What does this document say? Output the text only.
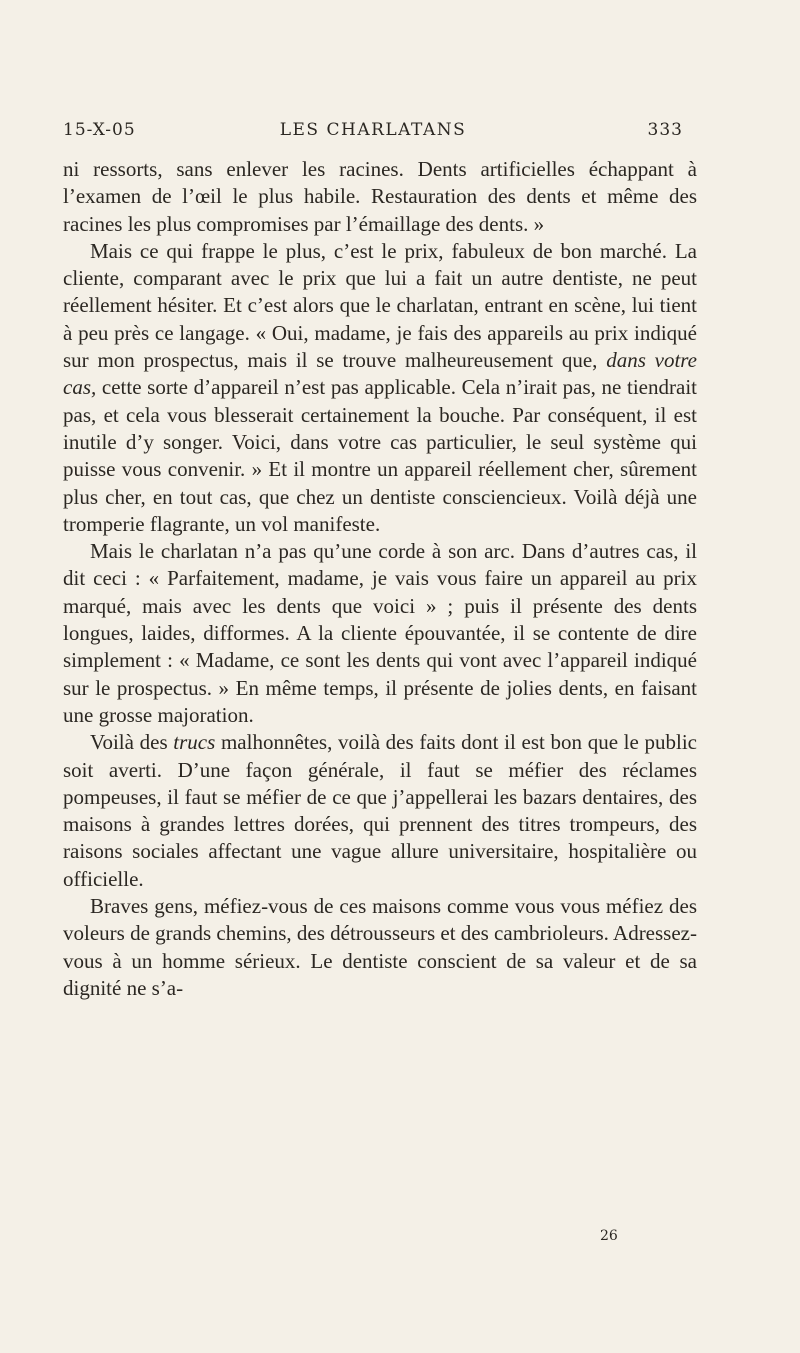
15-X-05	LES CHARLATANS	333

ni ressorts, sans enlever les racines. Dents artificielles échappant à l’examen de l’œil le plus habile. Restauration des dents et même des racines les plus compromises par l’émaillage des dents. »

Mais ce qui frappe le plus, c’est le prix, fabuleux de bon marché. La cliente, comparant avec le prix que lui a fait un autre dentiste, ne peut réellement hésiter. Et c’est alors que le charlatan, entrant en scène, lui tient à peu près ce langage. « Oui, madame, je fais des appareils au prix indiqué sur mon prospectus, mais il se trouve malheureusement que, dans votre cas, cette sorte d’appareil n’est pas applicable. Cela n’irait pas, ne tiendrait pas, et cela vous blesserait certainement la bouche. Par conséquent, il est inutile d’y songer. Voici, dans votre cas particulier, le seul système qui puisse vous convenir. » Et il montre un appareil réellement cher, sûrement plus cher, en tout cas, que chez un dentiste consciencieux. Voilà déjà une tromperie flagrante, un vol manifeste.

Mais le charlatan n’a pas qu’une corde à son arc. Dans d’autres cas, il dit ceci : « Parfaitement, madame, je vais vous faire un appareil au prix marqué, mais avec les dents que voici » ; puis il présente des dents longues, laides, difformes. A la cliente épouvantée, il se contente de dire simplement : « Madame, ce sont les dents qui vont avec l’appareil indiqué sur le prospectus. » En même temps, il présente de jolies dents, en faisant une grosse majoration.

Voilà des trucs malhonnêtes, voilà des faits dont il est bon que le public soit averti. D’une façon générale, il faut se méfier des réclames pompeuses, il faut se méfier de ce que j’appellerai les bazars dentaires, des maisons à grandes lettres dorées, qui prennent des titres trompeurs, des raisons sociales affectant une vague allure universitaire, hospitalière ou officielle.

Braves gens, méfiez-vous de ces maisons comme vous vous méfiez des voleurs de grands chemins, des détrousseurs et des cambrioleurs. Adressez-vous à un homme sérieux. Le dentiste conscient de sa valeur et de sa dignité ne s’a-

26
